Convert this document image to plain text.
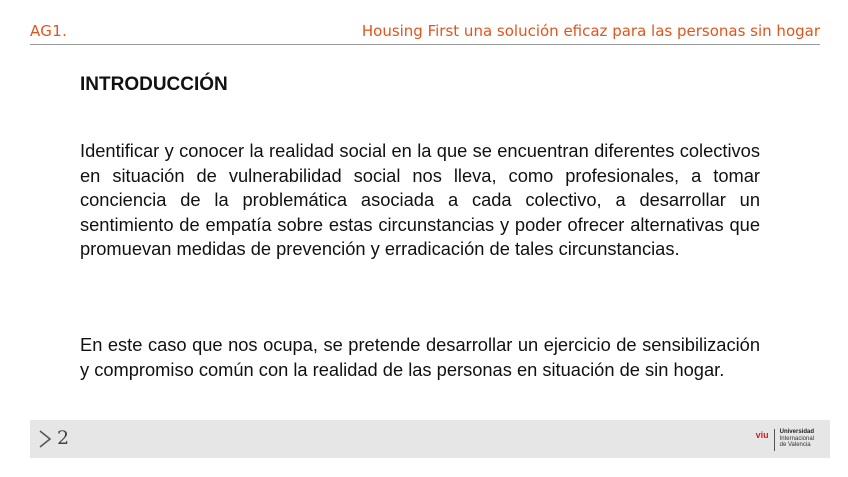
AG1.	Housing First una solución eficaz para las personas sin hogar
INTRODUCCIÓN

Identificar y conocer la realidad social en la que se encuentran diferentes colectivos en situación de vulnerabilidad social nos lleva, como profesionales, a tomar conciencia de la problemática asociada a cada colectivo, a desarrollar un sentimiento de empatía sobre estas circunstancias y poder ofrecer alternativas que promuevan medidas de prevención y erradicación de tales circunstancias.

En este caso que nos ocupa, se pretende desarrollar un ejercicio de sensibilización y compromiso común con la realidad de las personas en situación de sin hogar.

2	viu Universidad
Internacional
de Valencia
